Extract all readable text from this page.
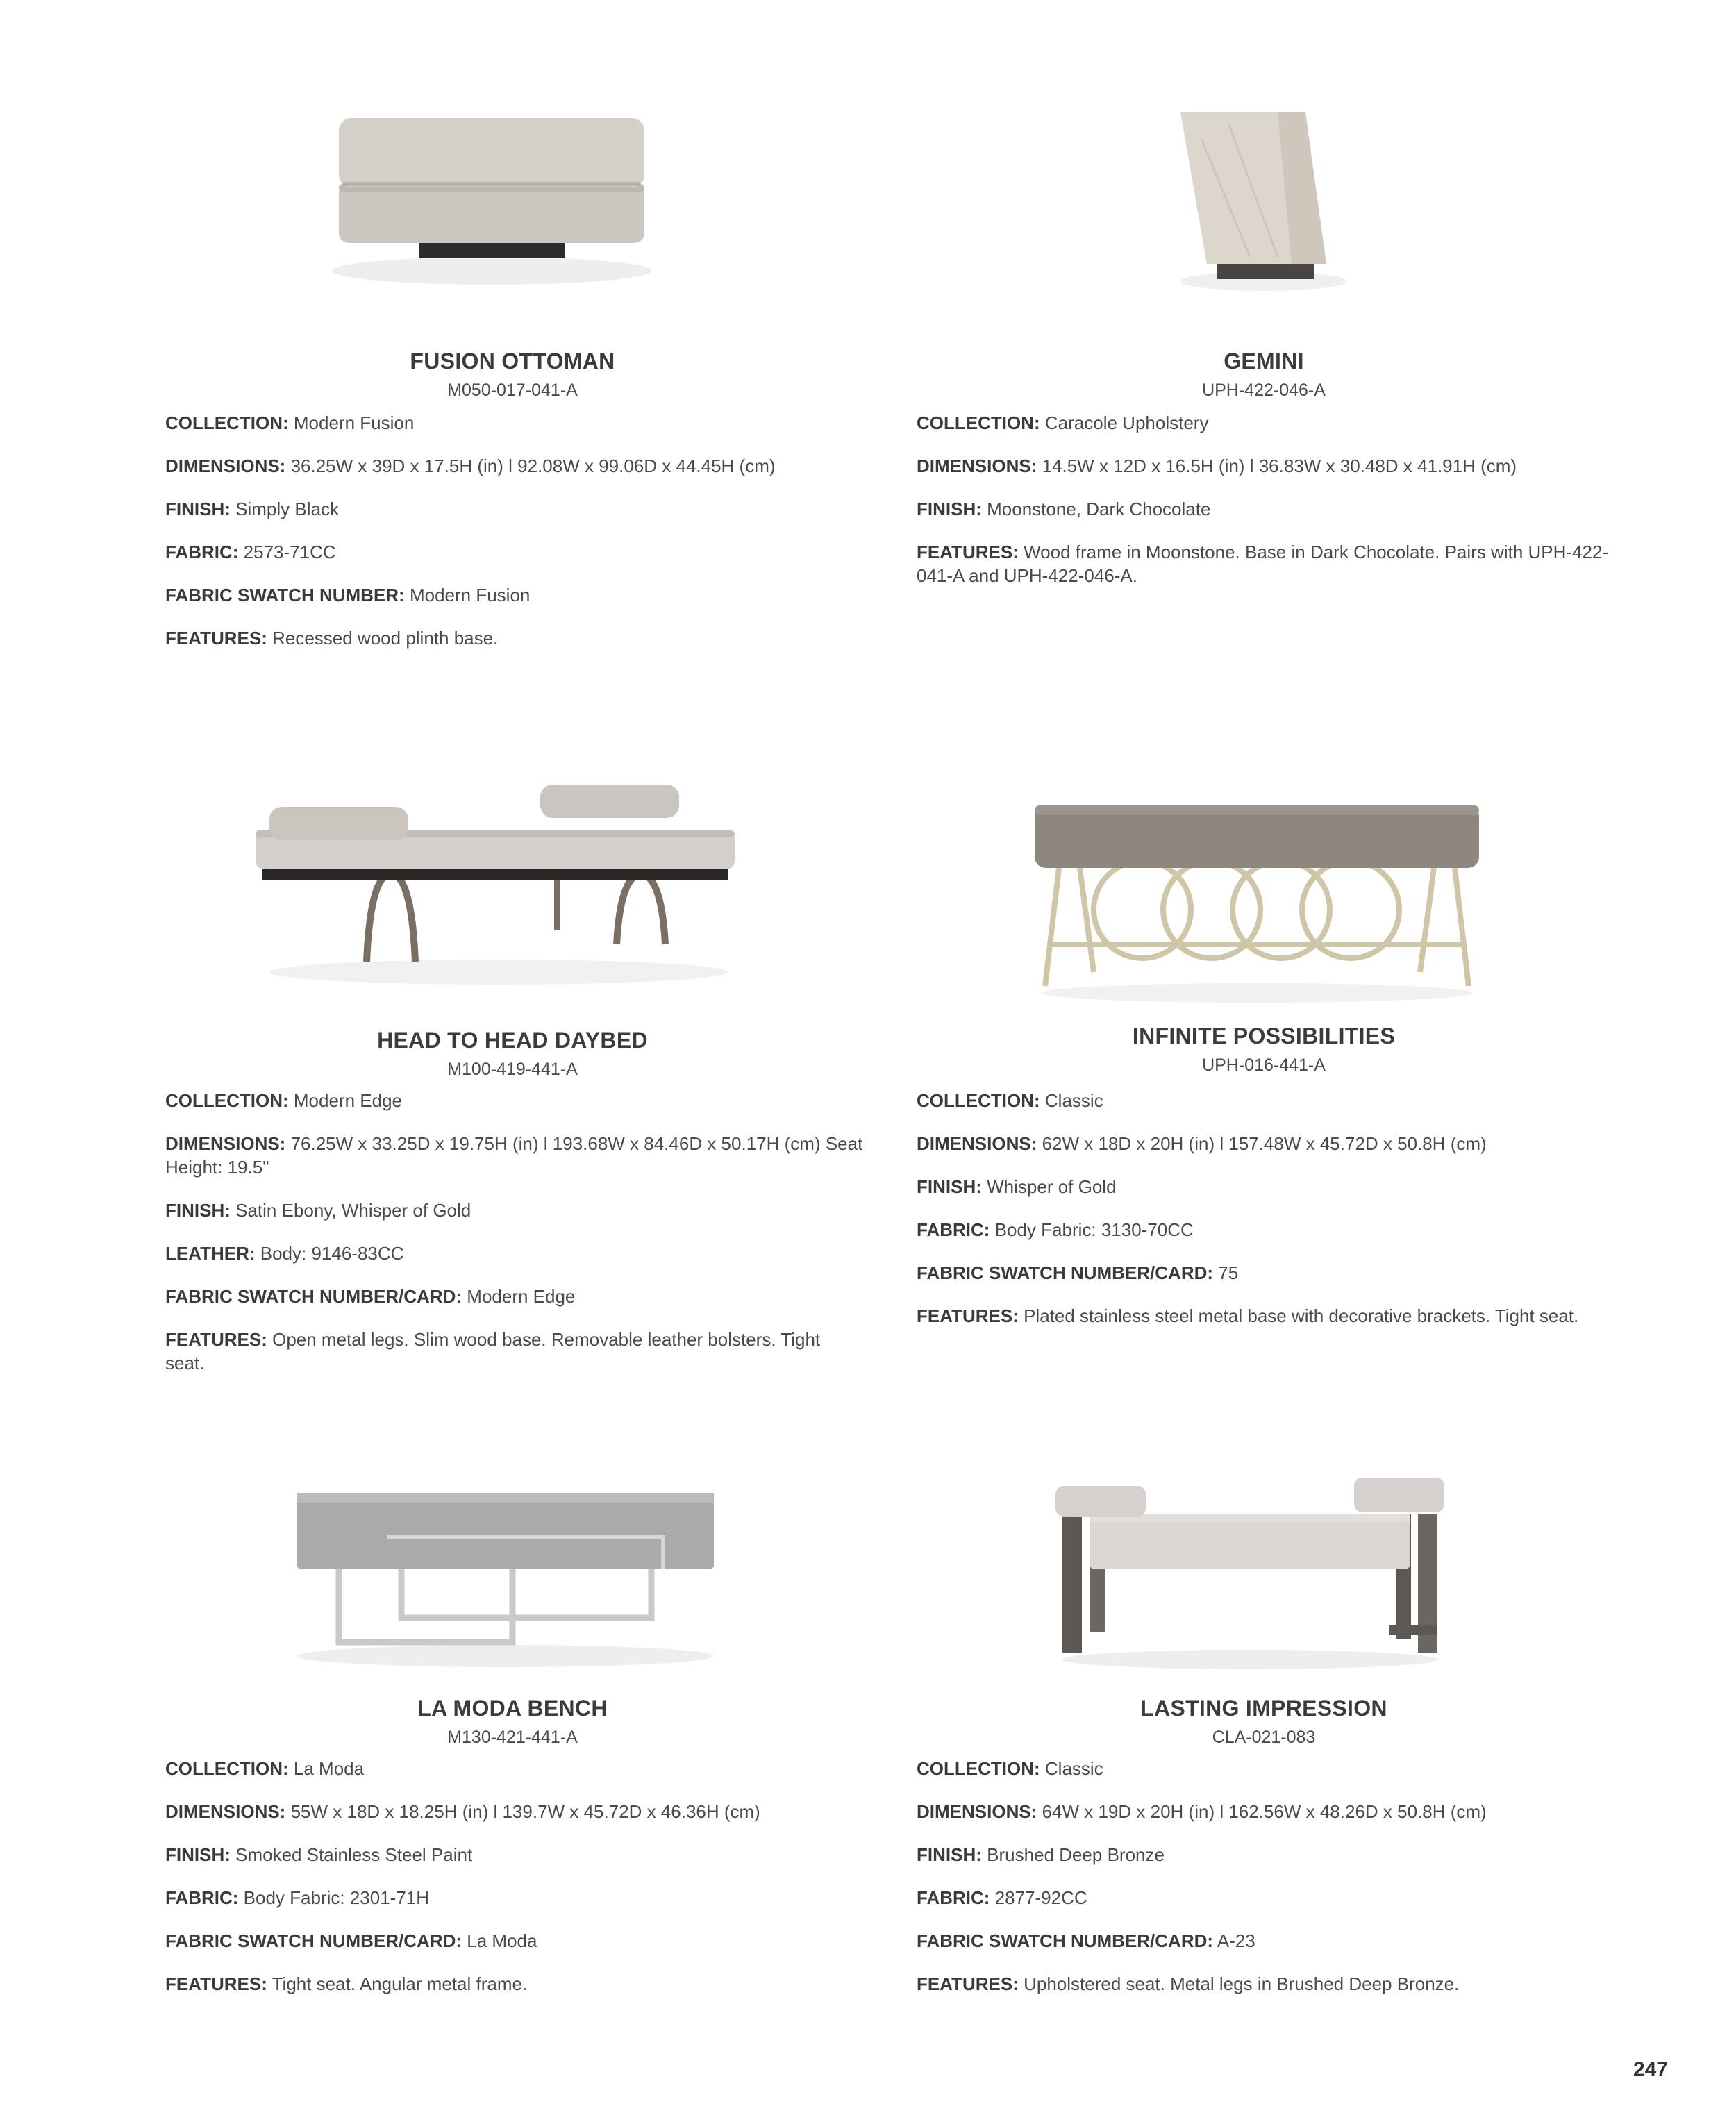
FUSION OTTOMAN
M050-017-041-A
COLLECTION: Modern Fusion
DIMENSIONS: 36.25W x 39D x 17.5H (in) l 92.08W x 99.06D x 44.45H (cm)
FINISH: Simply Black
FABRIC: 2573-71CC
FABRIC SWATCH NUMBER: Modern Fusion
FEATURES: Recessed wood plinth base.
GEMINI
UPH-422-046-A
COLLECTION: Caracole Upholstery
DIMENSIONS: 14.5W x 12D x 16.5H (in) l 36.83W x 30.48D x 41.91H (cm)
FINISH: Moonstone, Dark Chocolate
FEATURES: Wood frame in Moonstone. Base in Dark Chocolate. Pairs with UPH-422-041-A and UPH-422-046-A.
HEAD TO HEAD DAYBED
M100-419-441-A
COLLECTION: Modern Edge
DIMENSIONS: 76.25W x 33.25D x 19.75H (in) l 193.68W x 84.46D x 50.17H (cm) Seat Height: 19.5"
FINISH: Satin Ebony, Whisper of Gold
LEATHER: Body: 9146-83CC
FABRIC SWATCH NUMBER/CARD: Modern Edge
FEATURES: Open metal legs. Slim wood base. Removable leather bolsters. Tight seat.
INFINITE POSSIBILITIES
UPH-016-441-A
COLLECTION: Classic
DIMENSIONS: 62W x 18D x 20H (in) l 157.48W x 45.72D x 50.8H (cm)
FINISH: Whisper of Gold
FABRIC: Body Fabric: 3130-70CC
FABRIC SWATCH NUMBER/CARD: 75
FEATURES: Plated stainless steel metal base with decorative brackets. Tight seat.
LA MODA BENCH
M130-421-441-A
COLLECTION: La Moda
DIMENSIONS: 55W x 18D x 18.25H (in) l 139.7W x 45.72D x 46.36H (cm)
FINISH: Smoked Stainless Steel Paint
FABRIC: Body Fabric: 2301-71H
FABRIC SWATCH NUMBER/CARD: La Moda
FEATURES: Tight seat. Angular metal frame.
LASTING IMPRESSION
CLA-021-083
COLLECTION: Classic
DIMENSIONS: 64W x 19D x 20H (in) l 162.56W x 48.26D x 50.8H (cm)
FINISH: Brushed Deep Bronze
FABRIC: 2877-92CC
FABRIC SWATCH NUMBER/CARD: A-23
FEATURES: Upholstered seat. Metal legs in Brushed Deep Bronze.
247
